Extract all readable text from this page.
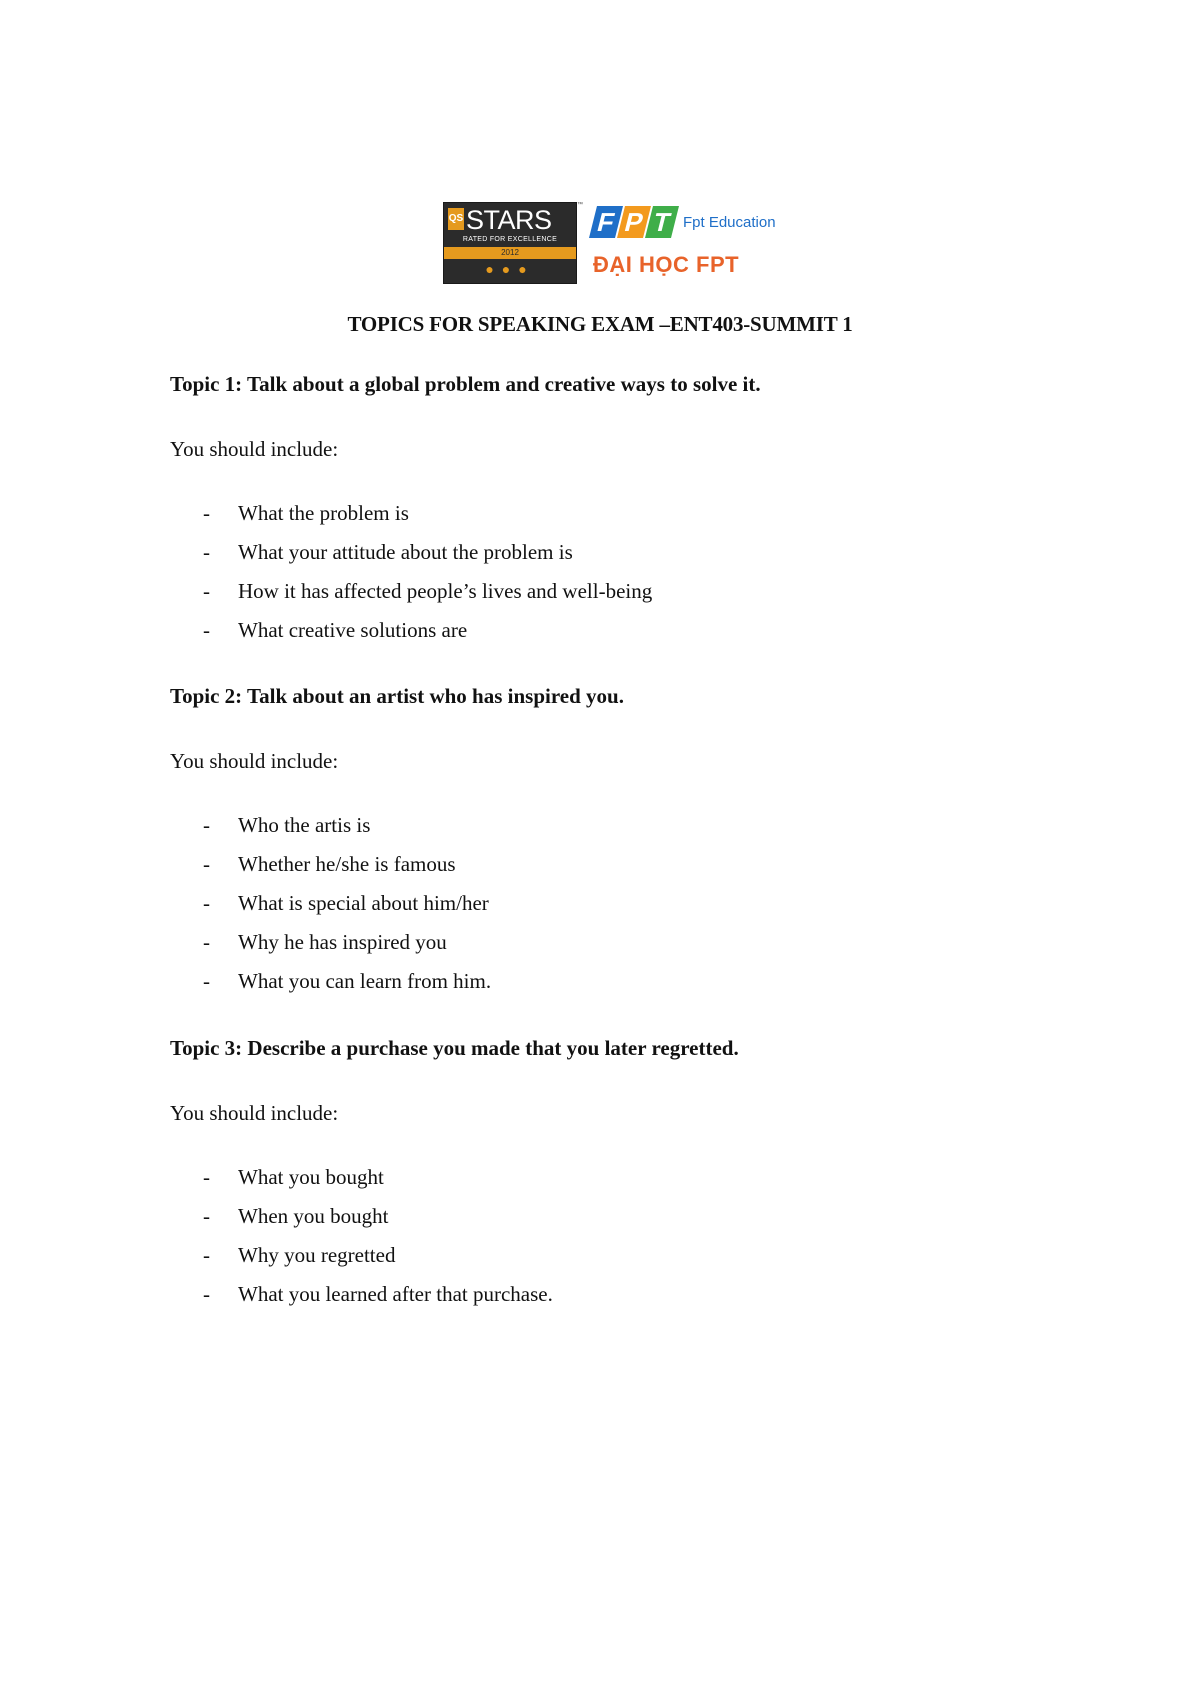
QS STARS
RATED FOR EXCELLENCE
2012
●●●
™
F P T Fpt Education
ĐẠI HỌC FPT
TOPICS FOR SPEAKING EXAM –ENT403-SUMMIT 1
Topic 1: Talk about a global problem and creative ways to solve it.
You should include:
- What the problem is
- What your attitude about the problem is
- How it has affected people’s lives and well-being
- What creative solutions are
Topic 2: Talk about an artist who has inspired you.
You should include:
- Who the artis is
- Whether he/she is famous
- What is special about him/her
- Why he has inspired you
- What you can learn from him.
Topic 3: Describe a purchase you made that you later regretted.
You should include:
- What you bought
- When you bought
- Why you regretted
- What you learned after that purchase.
